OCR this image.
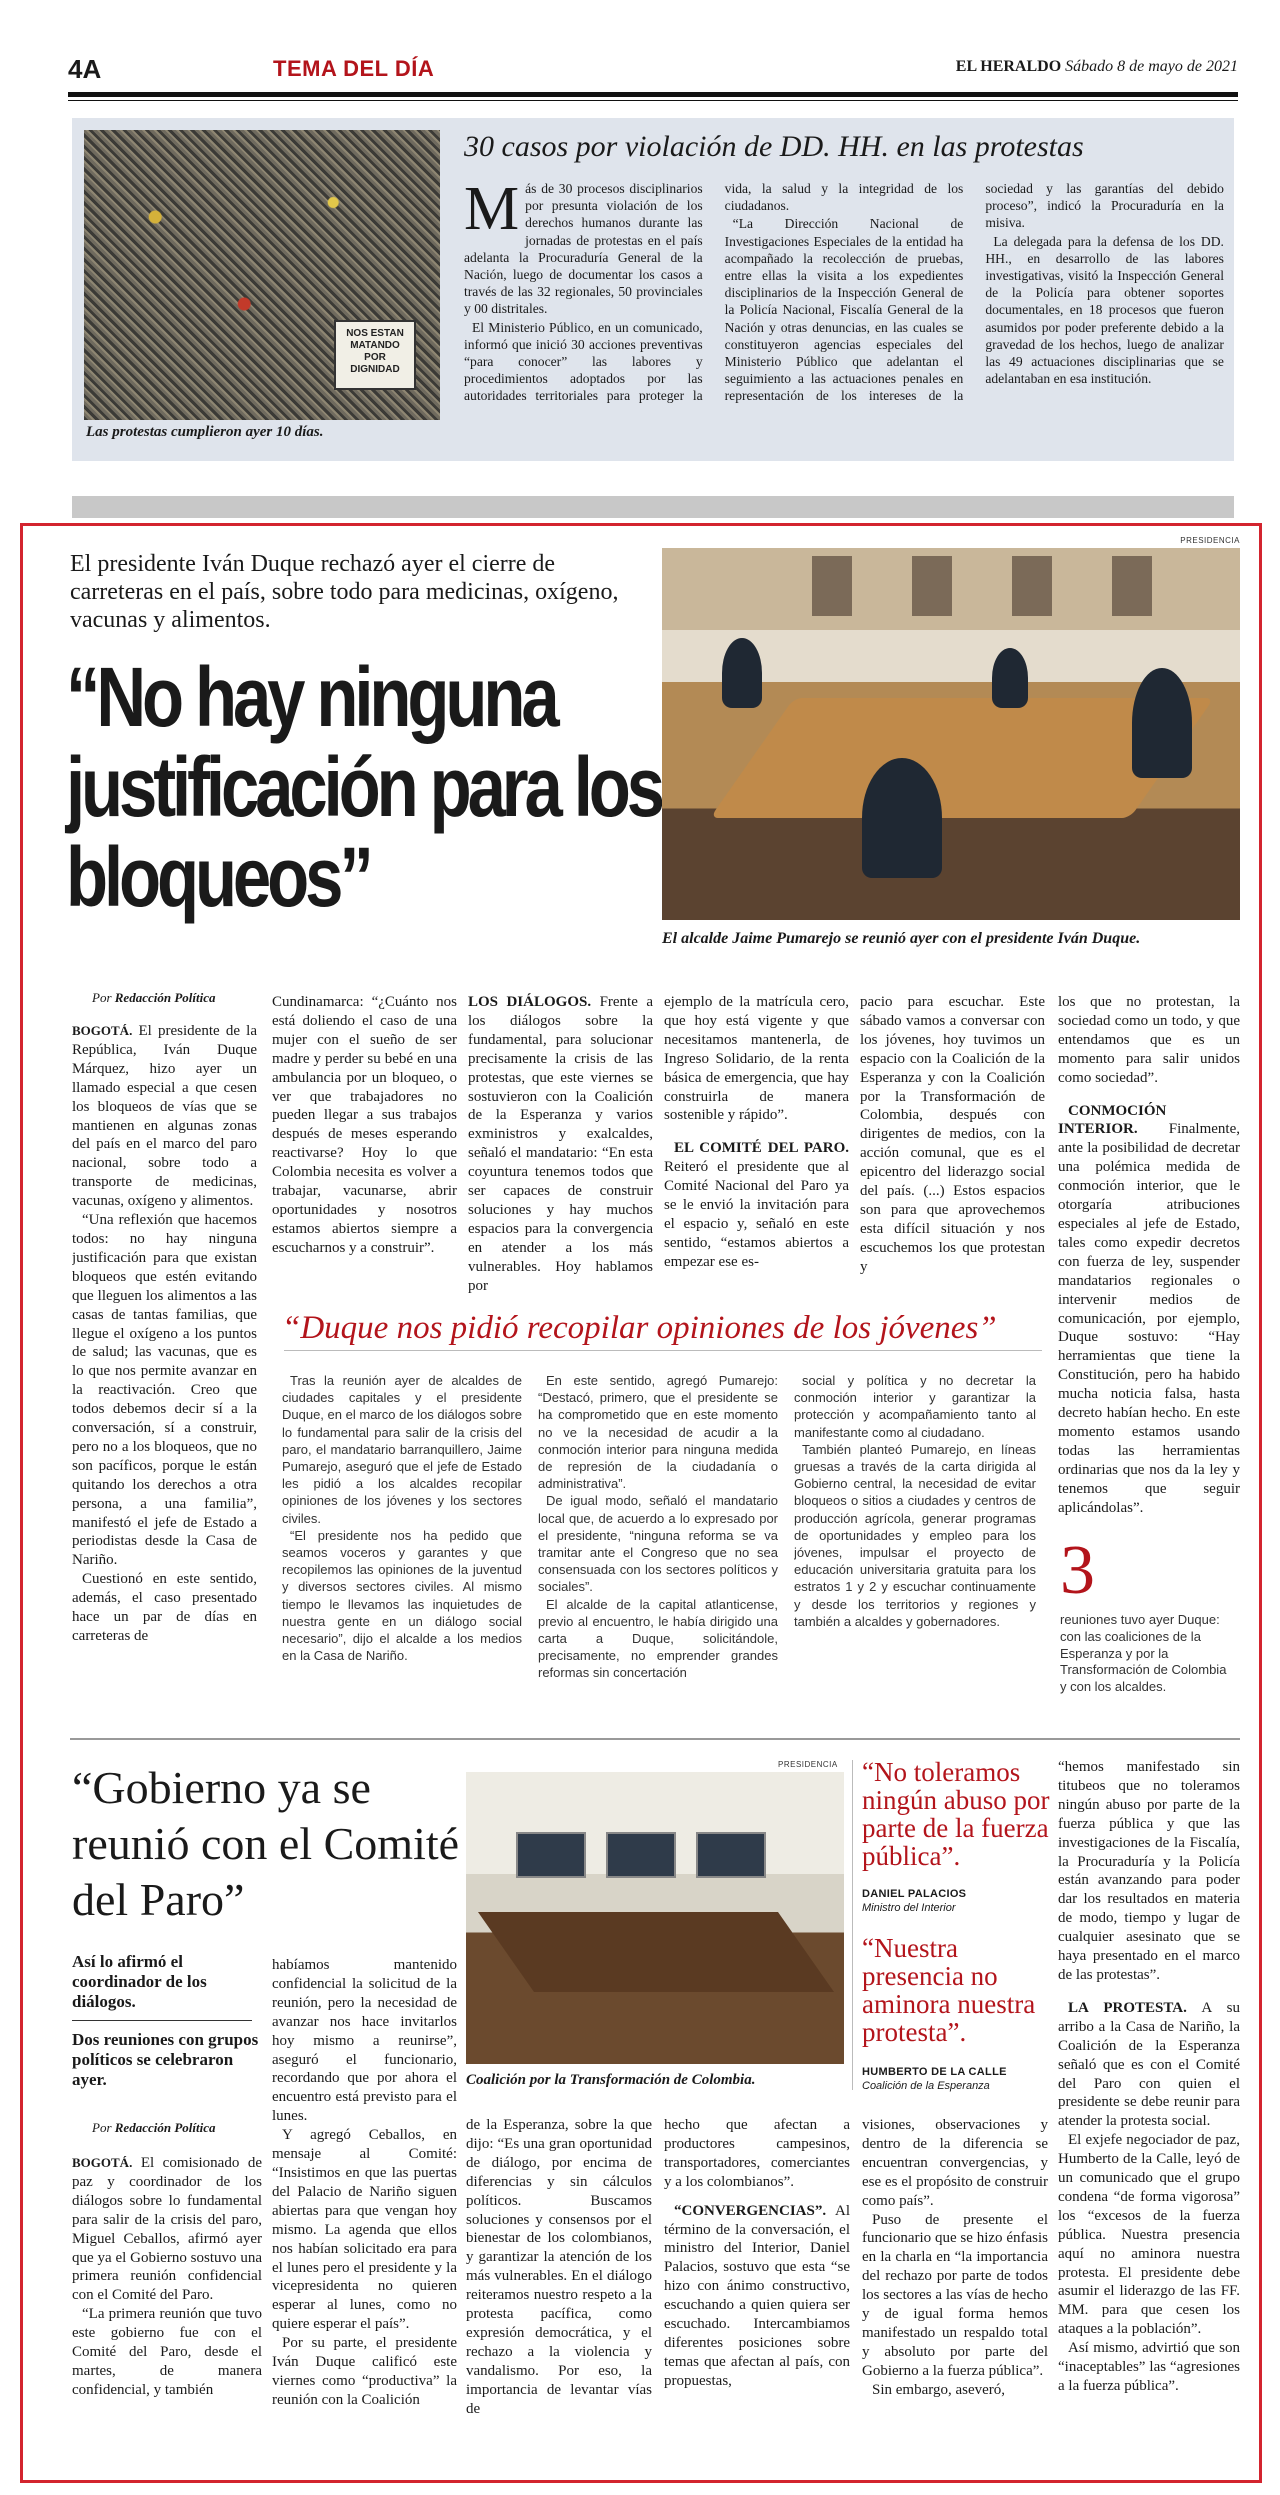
4A	TEMA DEL DÍA	EL HERALDO Sábado 8 de mayo de 2021
NOS ESTAN MATANDO POR DIGNIDAD
Las protestas cumplieron ayer 10 días.
30 casos por violación de DD. HH. en las protestas

Más de 30 procesos disciplinarios por presunta violación de los derechos humanos durante las jornadas de protestas en el país adelanta la Procuraduría General de la Nación, luego de documentar los casos a través de las 32 regionales, 50 provinciales y 00 distritales.

El Ministerio Público, en un comunicado, informó que inició 30 acciones preventivas “para conocer” las labores y procedimientos adoptados por las autoridades territoriales para proteger la vida, la salud y la integridad de los ciudadanos.

“La Dirección Nacional de Investigaciones Especiales de la entidad ha acompañado la recolección de pruebas, entre ellas la visita a los expedientes disciplinarios de la Inspección General de la Policía Nacional, Fiscalía General de la Nación y otras denuncias, en las cuales se constituyeron agencias especiales del Ministerio Público que adelantan el seguimiento a las actuaciones penales en representación de los intereses de la sociedad y las garantías del debido proceso”, indicó la Procuraduría en la misiva.

La delegada para la defensa de los DD. HH., en desarrollo de las labores investigativas, visitó la Inspección General de la Policía para obtener soportes documentales, en 18 procesos que fueron asumidos por poder preferente debido a la gravedad de los hechos, luego de analizar las 49 actuaciones disciplinarias que se adelantaban en esa institución.

El presidente Iván Duque rechazó ayer el cierre de carreteras en el país, sobre todo para medicinas, oxígeno, vacunas y alimentos.
“No hay ninguna justificación para los bloqueos”
PRESIDENCIA
El alcalde Jaime Pumarejo se reunió ayer con el presidente Iván Duque.
Por Redacción Política

BOGOTÁ. El presidente de la República, Iván Duque Márquez, hizo ayer un llamado especial a que cesen los bloqueos de vías que se mantienen en algunas zonas del país en el marco del paro nacional, sobre todo a transporte de medicinas, vacunas, oxígeno y alimentos.

“Una reflexión que hacemos todos: no hay ninguna justificación para que existan bloqueos que estén evitando que lleguen los alimentos a las casas de tantas familias, que llegue el oxígeno a los puntos de salud; las vacunas, que es lo que nos permite avanzar en la reactivación. Creo que todos debemos decir sí a la conversación, sí a construir, pero no a los bloqueos, que no son pacíficos, porque le están quitando los derechos a otra persona, a una familia”, manifestó el jefe de Estado a periodistas desde la Casa de Nariño.

Cuestionó en este sentido, además, el caso presentado hace un par de días en carreteras de

Cundinamarca: “¿Cuánto nos está doliendo el caso de una mujer con el sueño de ser madre y perder su bebé en una ambulancia por un bloqueo, o ver que trabajadores no pueden llegar a sus trabajos después de meses esperando reactivarse? Hoy lo que Colombia necesita es volver a trabajar, vacunarse, abrir oportunidades y nosotros estamos abiertos siempre a escucharnos y a construir”.

LOS DIÁLOGOS. Frente a los diálogos sobre la fundamental, para solucionar precisamente la crisis de las protestas, que este viernes se sostuvieron con la Coalición de la Esperanza y varios exministros y exalcaldes, señaló el mandatario: “En esta coyuntura tenemos todos que ser capaces de construir soluciones y hay muchos espacios para la convergencia en atender a los más vulnerables. Hoy hablamos por

ejemplo de la matrícula cero, que hoy está vigente y que necesitamos mantenerla, de Ingreso Solidario, de la renta básica de emergencia, que hay construirla de manera sostenible y rápido”.

EL COMITÉ DEL PARO. Reiteró el presidente que al Comité Nacional del Paro ya se le envió la invitación para el espacio y, señaló en este sentido, “estamos abiertos a empezar ese es-

pacio para escuchar. Este sábado vamos a conversar con los jóvenes, hoy tuvimos un espacio con la Coalición de la Esperanza y con la Coalición por la Transformación de Colombia, después con dirigentes de medios, con la acción comunal, que es el epicentro del liderazgo social del país. (...) Estos espacios son para que aprovechemos esta difícil situación y nos escuchemos los que protestan y

los que no protestan, la sociedad como un todo, y que entendamos que es un momento para salir unidos como sociedad”.

CONMOCIÓN INTERIOR. Finalmente, ante la posibilidad de decretar una polémica medida de conmoción interior, que le otorgaría atribuciones especiales al jefe de Estado, tales como expedir decretos con fuerza de ley, suspender mandatarios regionales o intervenir medios de comunicación, por ejemplo, Duque sostuvo: “Hay herramientas que tiene la Constitución, pero ha habido mucha noticia falsa, hasta decreto habían hecho. En este momento estamos usando todas las herramientas ordinarias que nos da la ley y tenemos que seguir aplicándolas”.

“Duque nos pidió recopilar opiniones de los jóvenes”

Tras la reunión ayer de alcaldes de ciudades capitales y el presidente Duque, en el marco de los diálogos sobre lo fundamental para salir de la crisis del paro, el mandatario barranquillero, Jaime Pumarejo, aseguró que el jefe de Estado les pidió a los alcaldes recopilar opiniones de los jóvenes y los sectores civiles.

“El presidente nos ha pedido que seamos voceros y garantes y que recopilemos las opiniones de la juventud y diversos sectores civiles. Al mismo tiempo le llevamos las inquietudes de nuestra gente en un diálogo social necesario”, dijo el alcalde a los medios en la Casa de Nariño.

En este sentido, agregó Pumarejo: “Destacó, primero, que el presidente se ha comprometido que en este momento no ve la necesidad de acudir a la conmoción interior para ninguna medida de represión de la ciudadanía o administrativa”.

De igual modo, señaló el mandatario local que, de acuerdo a lo expresado por el presidente, “ninguna reforma se va tramitar ante el Congreso que no sea consensuada con los sectores políticos y sociales”.

El alcalde de la capital atlanticense, previo al encuentro, le había dirigido una carta a Duque, solicitándole, precisamente, no emprender grandes reformas sin concertación

social y política y no decretar la conmoción interior y garantizar la protección y acompañamiento tanto al manifestante como al ciudadano.

También planteó Pumarejo, en líneas gruesas a través de la carta dirigida al Gobierno central, la necesidad de evitar bloqueos o sitios a ciudades y centros de producción agrícola, generar programas de oportunidades y empleo para los jóvenes, impulsar el proyecto de educación universitaria gratuita para los estratos 1 y 2 y escuchar continuamente y desde los territorios y regiones y también a alcaldes y gobernadores.

3
reuniones tuvo ayer Duque: con las coaliciones de la Esperanza y por la Transformación de Colombia y con los alcaldes.
“Gobierno ya se reunió con el Comité del Paro”
Así lo afirmó el coordinador de los diálogos.
Dos reuniones con grupos políticos se celebraron ayer.
Por Redacción Política
PRESIDENCIA
Coalición por la Transformación de Colombia.

BOGOTÁ. El comisionado de paz y coordinador de los diálogos sobre lo fundamental para salir de la crisis del paro, Miguel Ceballos, afirmó ayer que ya el Gobierno sostuvo una primera reunión confidencial con el Comité del Paro.

“La primera reunión que tuvo este gobierno fue con el Comité del Paro, desde el martes, de manera confidencial, y también

habíamos mantenido confidencial la solicitud de la reunión, pero la necesidad de avanzar nos hace invitarlos hoy mismo a reunirse”, aseguró el funcionario, recordando que por ahora el encuentro está previsto para el lunes.

Y agregó Ceballos, en mensaje al Comité: “Insistimos en que las puertas del Palacio de Nariño siguen abiertas para que vengan hoy mismo. La agenda que ellos nos habían solicitado era para el lunes pero el presidente y la vicepresidenta no quieren esperar al lunes, como no quiere esperar el país”.

Por su parte, el presidente Iván Duque calificó este viernes como “productiva” la reunión con la Coalición

de la Esperanza, sobre la que dijo: “Es una gran oportunidad de diálogo, por encima de diferencias y sin cálculos políticos. Buscamos soluciones y consensos por el bienestar de los colombianos, y garantizar la atención de los más vulnerables. En el diálogo reiteramos nuestro respeto a la protesta pacífica, como expresión democrática, y el rechazo a la violencia y vandalismo. Por eso, la importancia de levantar vías de

hecho que afectan a productores campesinos, transportadores, comerciantes y a los colombianos”.

“CONVERGENCIAS”. Al término de la conversación, el ministro del Interior, Daniel Palacios, sostuvo que esta “se hizo con ánimo constructivo, escuchando a quien quiera ser escuchado. Intercambiamos diferentes posiciones sobre temas que afectan al país, con propuestas,

visiones, observaciones y dentro de la diferencia se encuentran convergencias, y ese es el propósito de construir como país”.

Puso de presente el funcionario que se hizo énfasis en la charla en “la importancia del rechazo por parte de todos los sectores a las vías de hecho y de igual forma hemos manifestado un respaldo total y absoluto por parte del Gobierno a la fuerza pública”.

Sin embargo, aseveró,

“No toleramos ningún abuso por parte de la fuerza pública”.
DANIEL PALACIOS
Ministro del Interior
“Nuestra presencia no aminora nuestra protesta”.
HUMBERTO DE LA CALLE
Coalición de la Esperanza

“hemos manifestado sin titubeos que no toleramos ningún abuso por parte de la fuerza pública y que las investigaciones de la Fiscalía, la Procuraduría y la Policía están avanzando para poder dar los resultados en materia de modo, tiempo y lugar de cualquier asesinato que se haya presentado en el marco de las protestas”.

LA PROTESTA. A su arribo a la Casa de Nariño, la Coalición de la Esperanza señaló que es con el Comité del Paro con quien el presidente se debe reunir para atender la protesta social.

El exjefe negociador de paz, Humberto de la Calle, leyó de un comunicado que el grupo condena “de forma vigorosa” los “excesos de la fuerza pública. Nuestra presencia aquí no aminora nuestra protesta. El presidente debe asumir el liderazgo de las FF. MM. para que cesen los ataques a la población”.

Así mismo, advirtió que son “inaceptables” las “agresiones a la fuerza pública”.
